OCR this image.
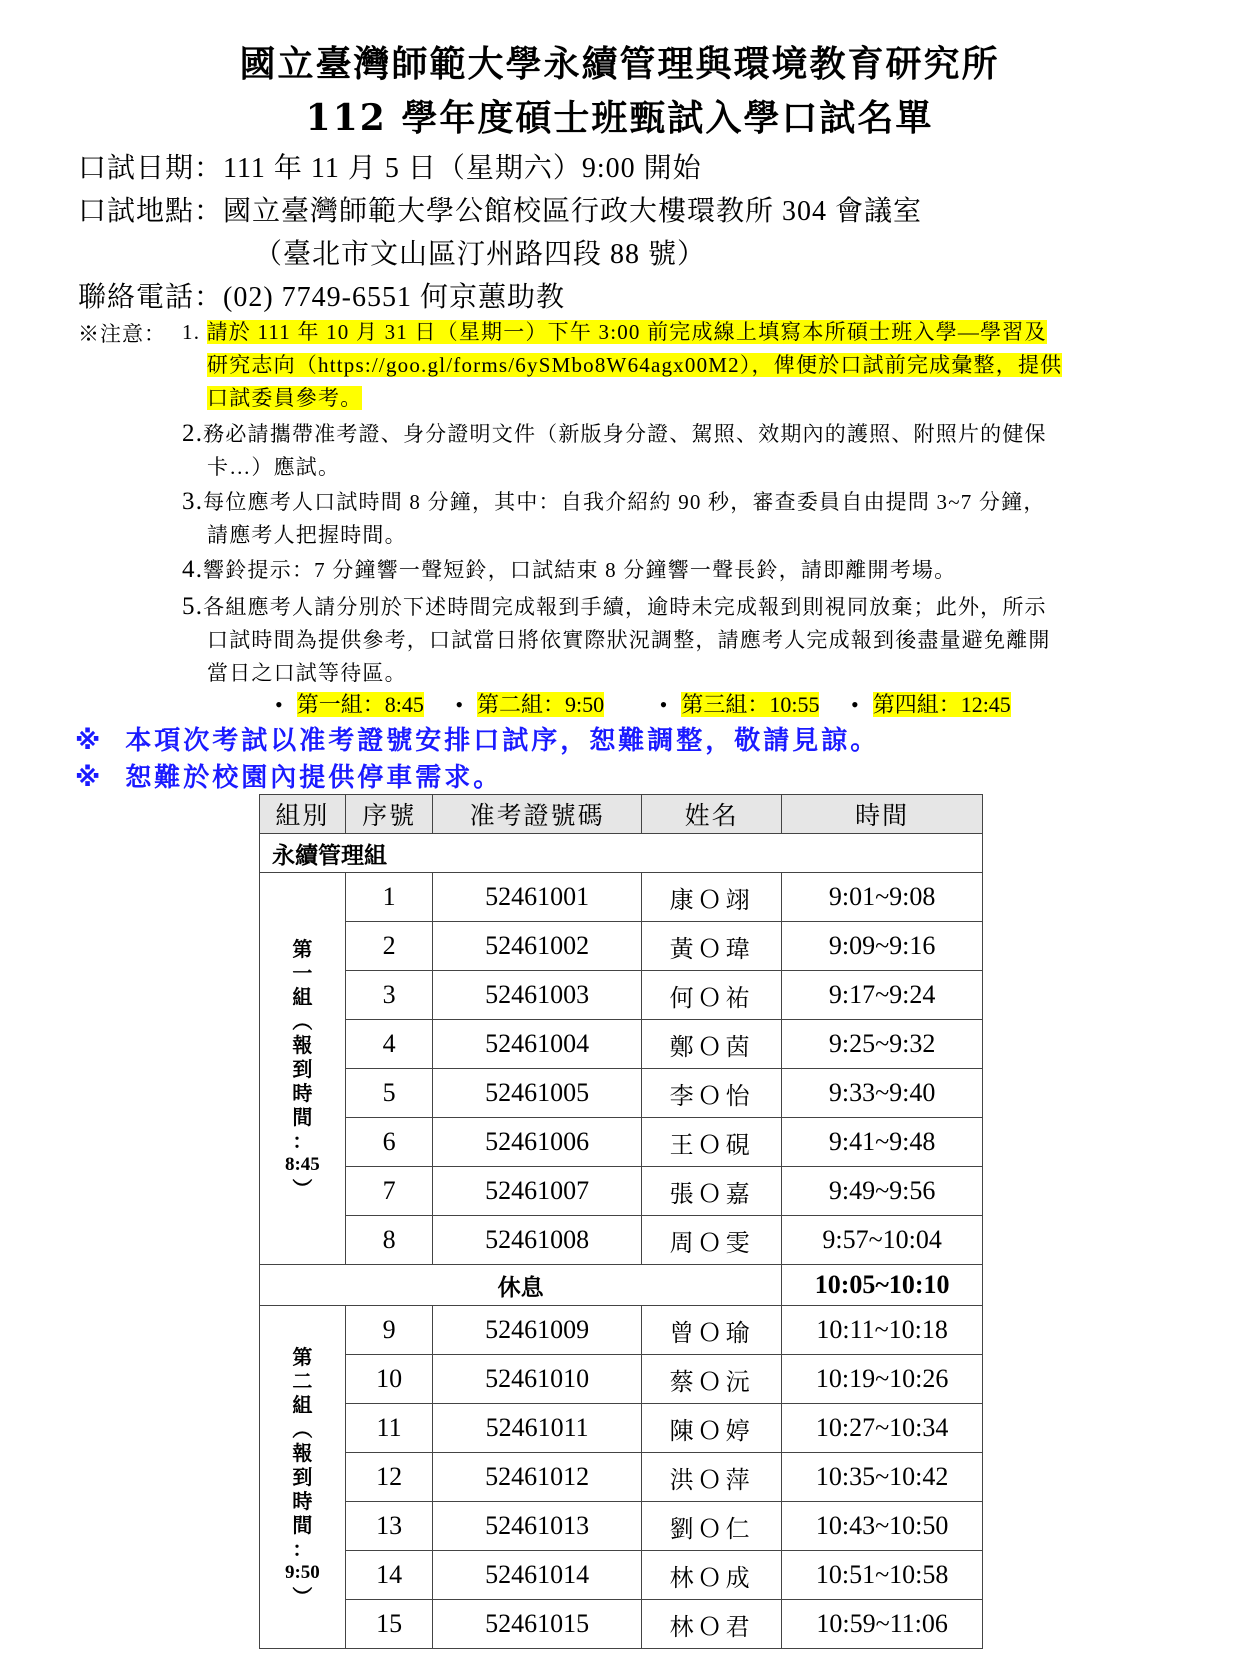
國立臺灣師範大學永續管理與環境教育研究所
112 學年度碩士班甄試入學口試名單
口試日期：111 年 11 月 5 日（星期六）9:00 開始
口試地點：國立臺灣師範大學公館校區行政大樓環教所 304 會議室
（臺北市文山區汀州路四段 88 號）
聯絡電話：(02) 7749-6551 何京蕙助教
※注意： 1. 請於 111 年 10 月 31 日（星期一）下午 3:00 前完成線上填寫本所碩士班入學—學習及
研究志向（https://goo.gl/forms/6ySMbo8W64agx00M2），俾便於口試前完成彙整，提供
口試委員參考。
2.務必請攜帶准考證、身分證明文件（新版身分證、駕照、效期內的護照、附照片的健保
卡…）應試。
3.每位應考人口試時間 8 分鐘，其中：自我介紹約 90 秒，審查委員自由提問 3~7 分鐘，
請應考人把握時間。
4.響鈴提示：7 分鐘響一聲短鈴，口試結束 8 分鐘響一聲長鈴，請即離開考場。
5.各組應考人請分別於下述時間完成報到手續，逾時未完成報到則視同放棄；此外，所示
口試時間為提供參考，口試當日將依實際狀況調整，請應考人完成報到後盡量避免離開
當日之口試等待區。
• 第一組：8:45 • 第二組：9:50	• 第三組：10:55 • 第四組：12:45
※ 本項次考試以准考證號安排口試序，恕難調整，敬請見諒。
※ 恕難於校園內提供停車需求。
組別	序號	准考證號碼	姓名	時間
永續管理組				

第
一
組
︵
報
到
時
間
：
8:45
︶
	1	52461001	康Ｏ翊	9:01~9:08
	2	52461002	黃Ｏ瑋	9:09~9:16
	3	52461003	何Ｏ祐	9:17~9:24
	4	52461004	鄭Ｏ茵	9:25~9:32
	5	52461005	李Ｏ怡	9:33~9:40
	6	52461006	王Ｏ硯	9:41~9:48
	7	52461007	張Ｏ嘉	9:49~9:56
	8	52461008	周Ｏ雯	9:57~10:04
休息				10:05~10:10

第
二
組
︵
報
到
時
間
：
9:50
︶
	9	52461009	曾Ｏ瑜	10:11~10:18
	10	52461010	蔡Ｏ沅	10:19~10:26
	11	52461011	陳Ｏ婷	10:27~10:34
	12	52461012	洪Ｏ萍	10:35~10:42
	13	52461013	劉Ｏ仁	10:43~10:50
	14	52461014	林Ｏ成	10:51~10:58
	15	52461015	林Ｏ君	10:59~11:06
